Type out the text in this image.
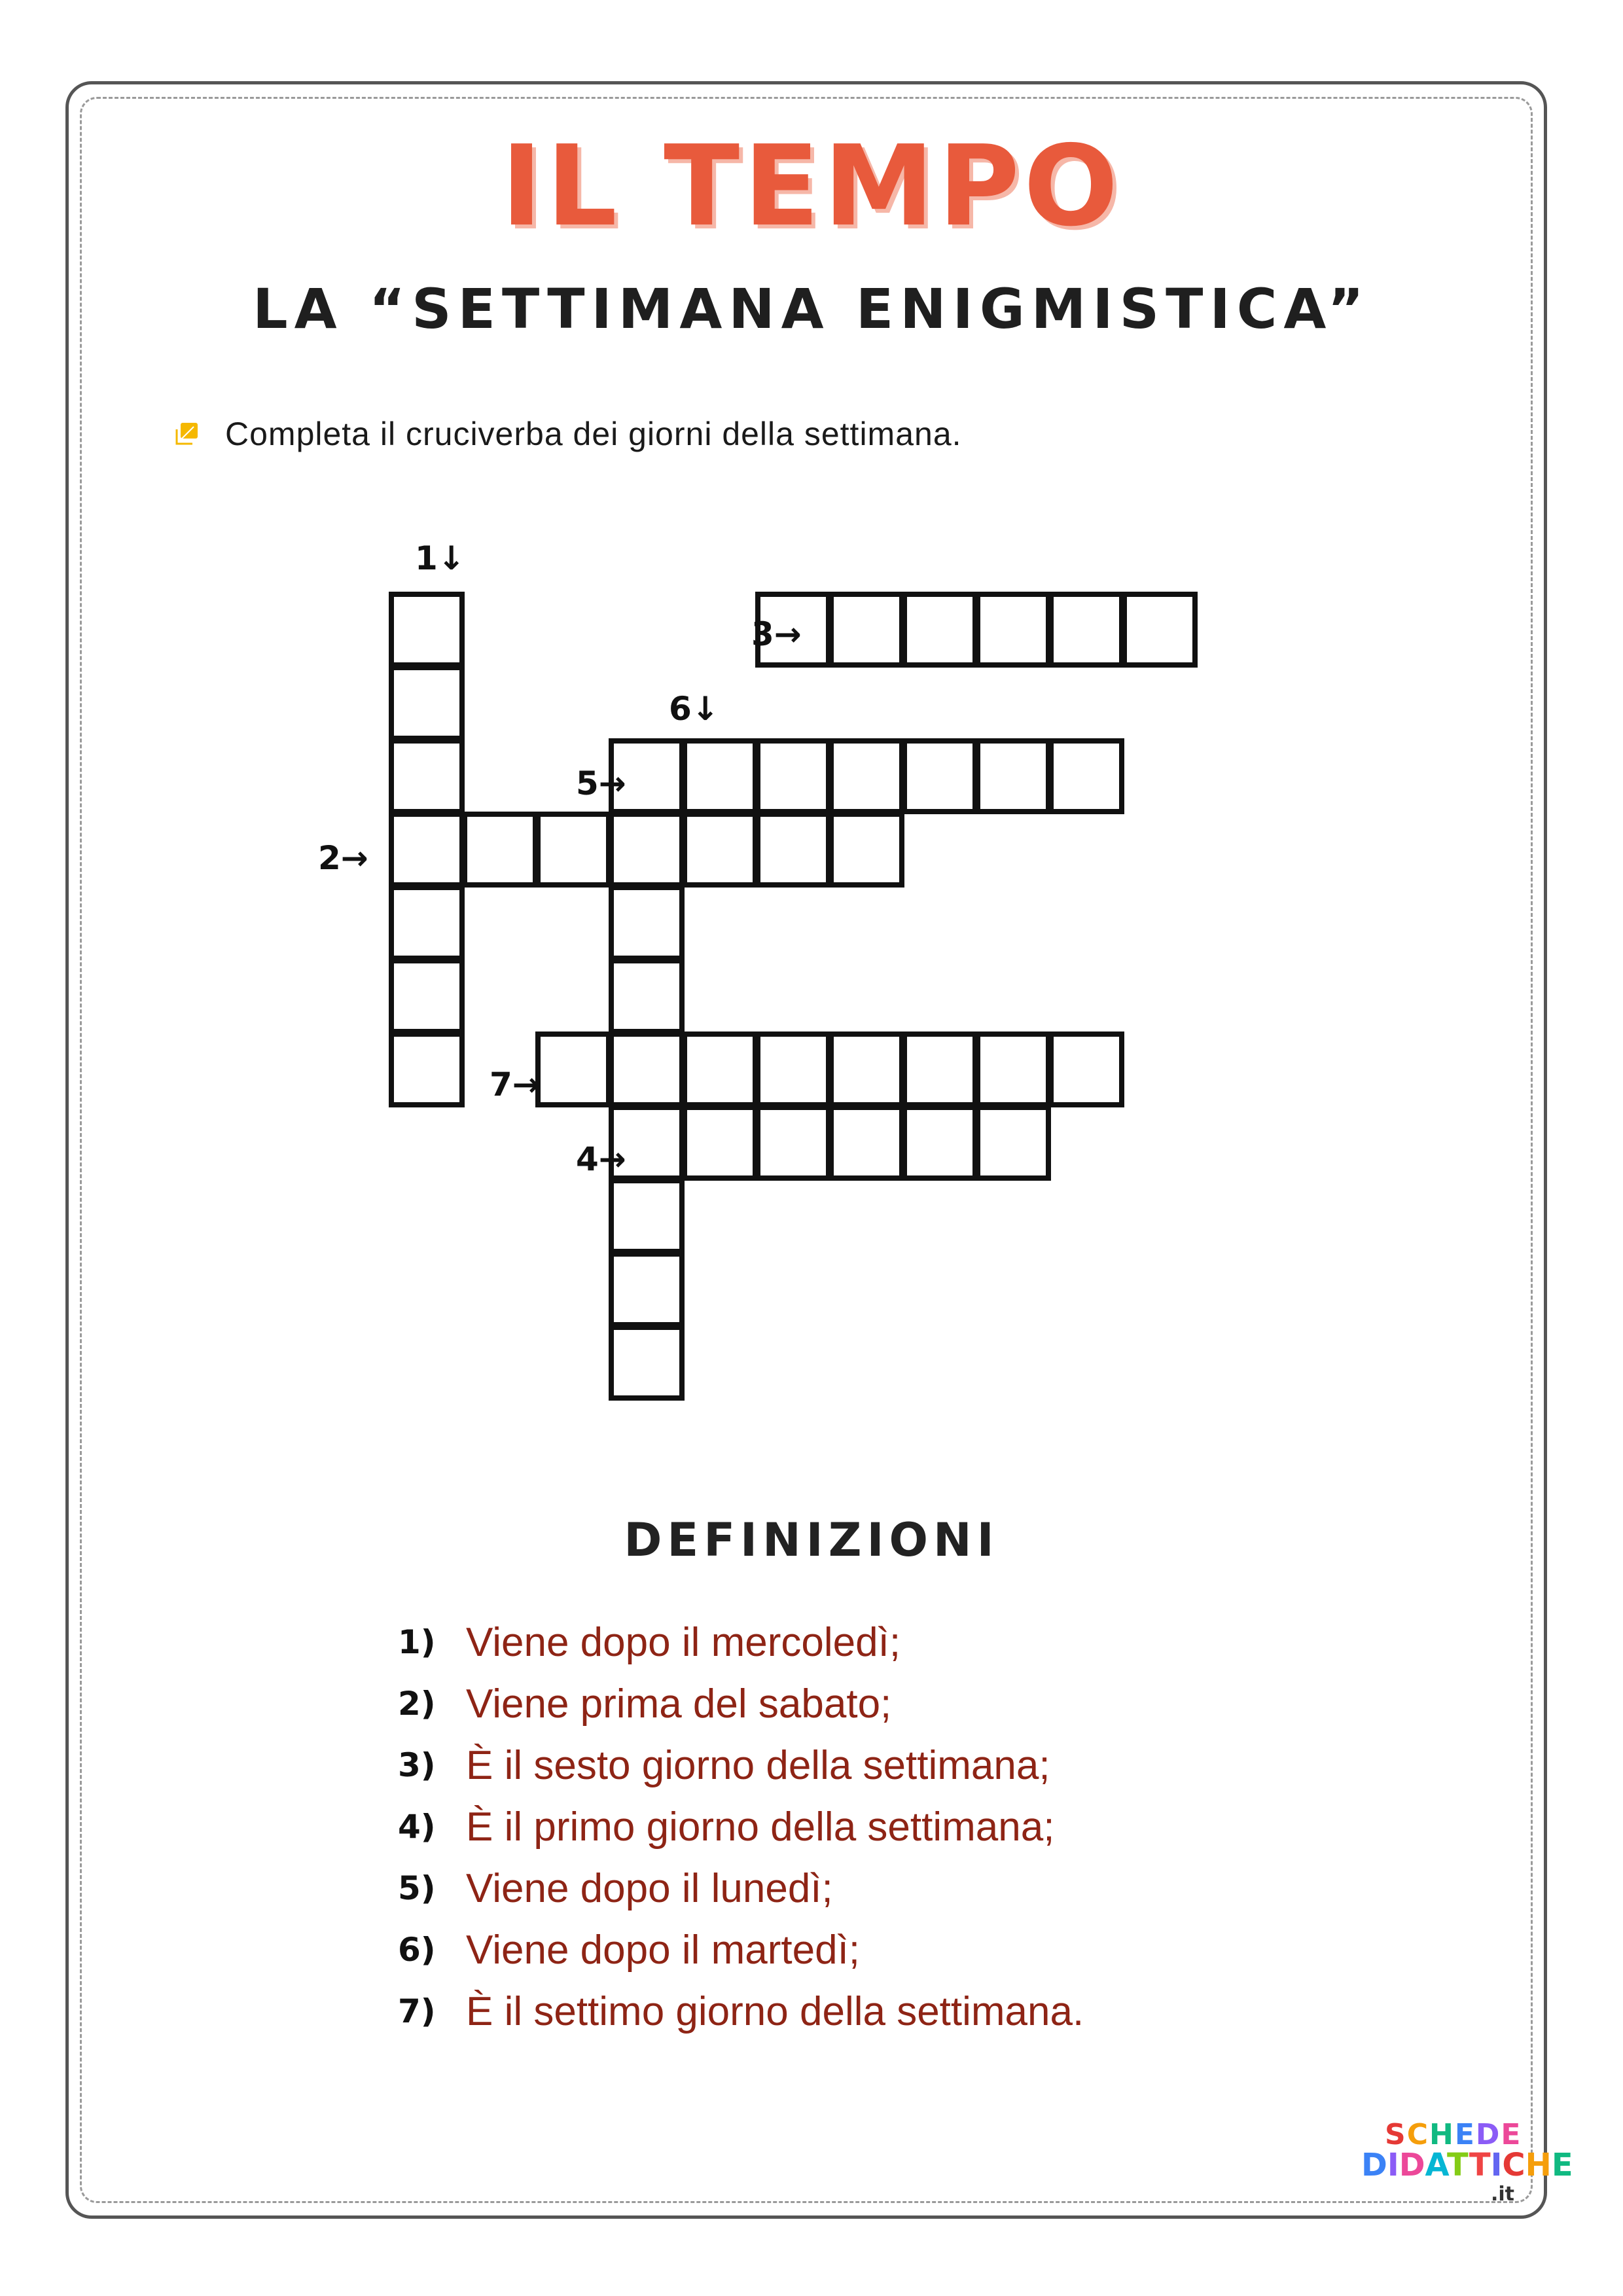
IL TEMPO
LA “SETTIMANA ENIGMISTICA”
Completa il cruciverba dei giorni della settimana.
1↓
2→
3→
4→
5→
6↓
7→
DEFINIZIONI
1) Viene dopo il mercoledì;
2) Viene prima del sabato;
3) È il sesto giorno della settimana;
4) È il primo giorno della settimana;
5) Viene dopo il lunedì;
6) Viene dopo il martedì;
7) È il settimo giorno della settimana.
SCHEDE
DIDATTICHE
.it
